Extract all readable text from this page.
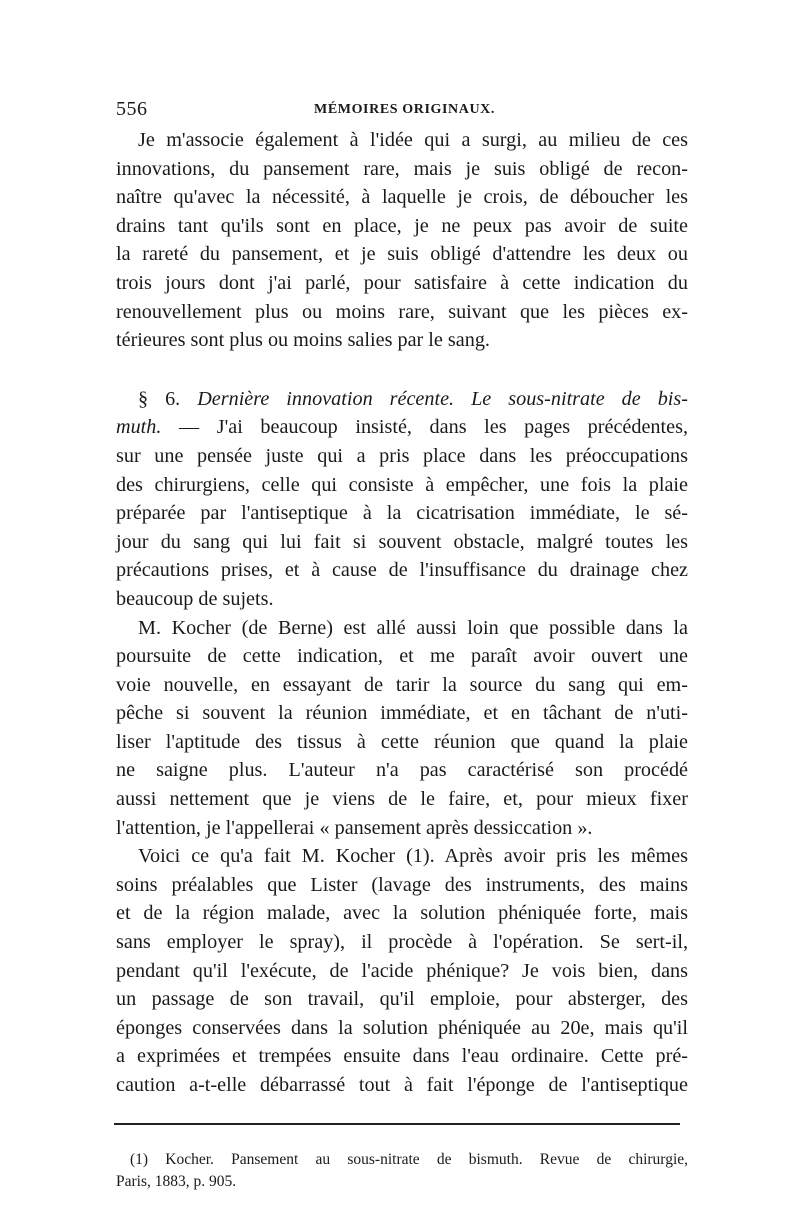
556	MÉMOIRES ORIGINAUX.

Je m'associe également à l'idée qui a surgi, au milieu de ces
innovations, du pansement rare, mais je suis obligé de recon-
naître qu'avec la nécessité, à laquelle je crois, de déboucher les
drains tant qu'ils sont en place, je ne peux pas avoir de suite
la rareté du pansement, et je suis obligé d'attendre les deux ou
trois jours dont j'ai parlé, pour satisfaire à cette indication du
renouvellement plus ou moins rare, suivant que les pièces ex-
térieures sont plus ou moins salies par le sang.

§ 6. Dernière innovation récente. Le sous-nitrate de bis-
muth. — J'ai beaucoup insisté, dans les pages précédentes,
sur une pensée juste qui a pris place dans les préoccupations
des chirurgiens, celle qui consiste à empêcher, une fois la plaie
préparée par l'antiseptique à la cicatrisation immédiate, le sé-
jour du sang qui lui fait si souvent obstacle, malgré toutes les
précautions prises, et à cause de l'insuffisance du drainage chez
beaucoup de sujets.

M. Kocher (de Berne) est allé aussi loin que possible dans la
poursuite de cette indication, et me paraît avoir ouvert une
voie nouvelle, en essayant de tarir la source du sang qui em-
pêche si souvent la réunion immédiate, et en tâchant de n'uti-
liser l'aptitude des tissus à cette réunion que quand la plaie
ne saigne plus. L'auteur n'a pas caractérisé son procédé
aussi nettement que je viens de le faire, et, pour mieux fixer
l'attention, je l'appellerai « pansement après dessiccation ».

Voici ce qu'a fait M. Kocher (1). Après avoir pris les mêmes
soins préalables que Lister (lavage des instruments, des mains
et de la région malade, avec la solution phéniquée forte, mais
sans employer le spray), il procède à l'opération. Se sert-il,
pendant qu'il l'exécute, de l'acide phénique? Je vois bien, dans
un passage de son travail, qu'il emploie, pour absterger, des
éponges conservées dans la solution phéniquée au 20e, mais qu'il
a exprimées et trempées ensuite dans l'eau ordinaire. Cette pré-
caution a-t-elle débarrassé tout à fait l'éponge de l'antiseptique

(1) Kocher. Pansement au sous-nitrate de bismuth. Revue de chirurgie,
Paris, 1883, p. 905.
